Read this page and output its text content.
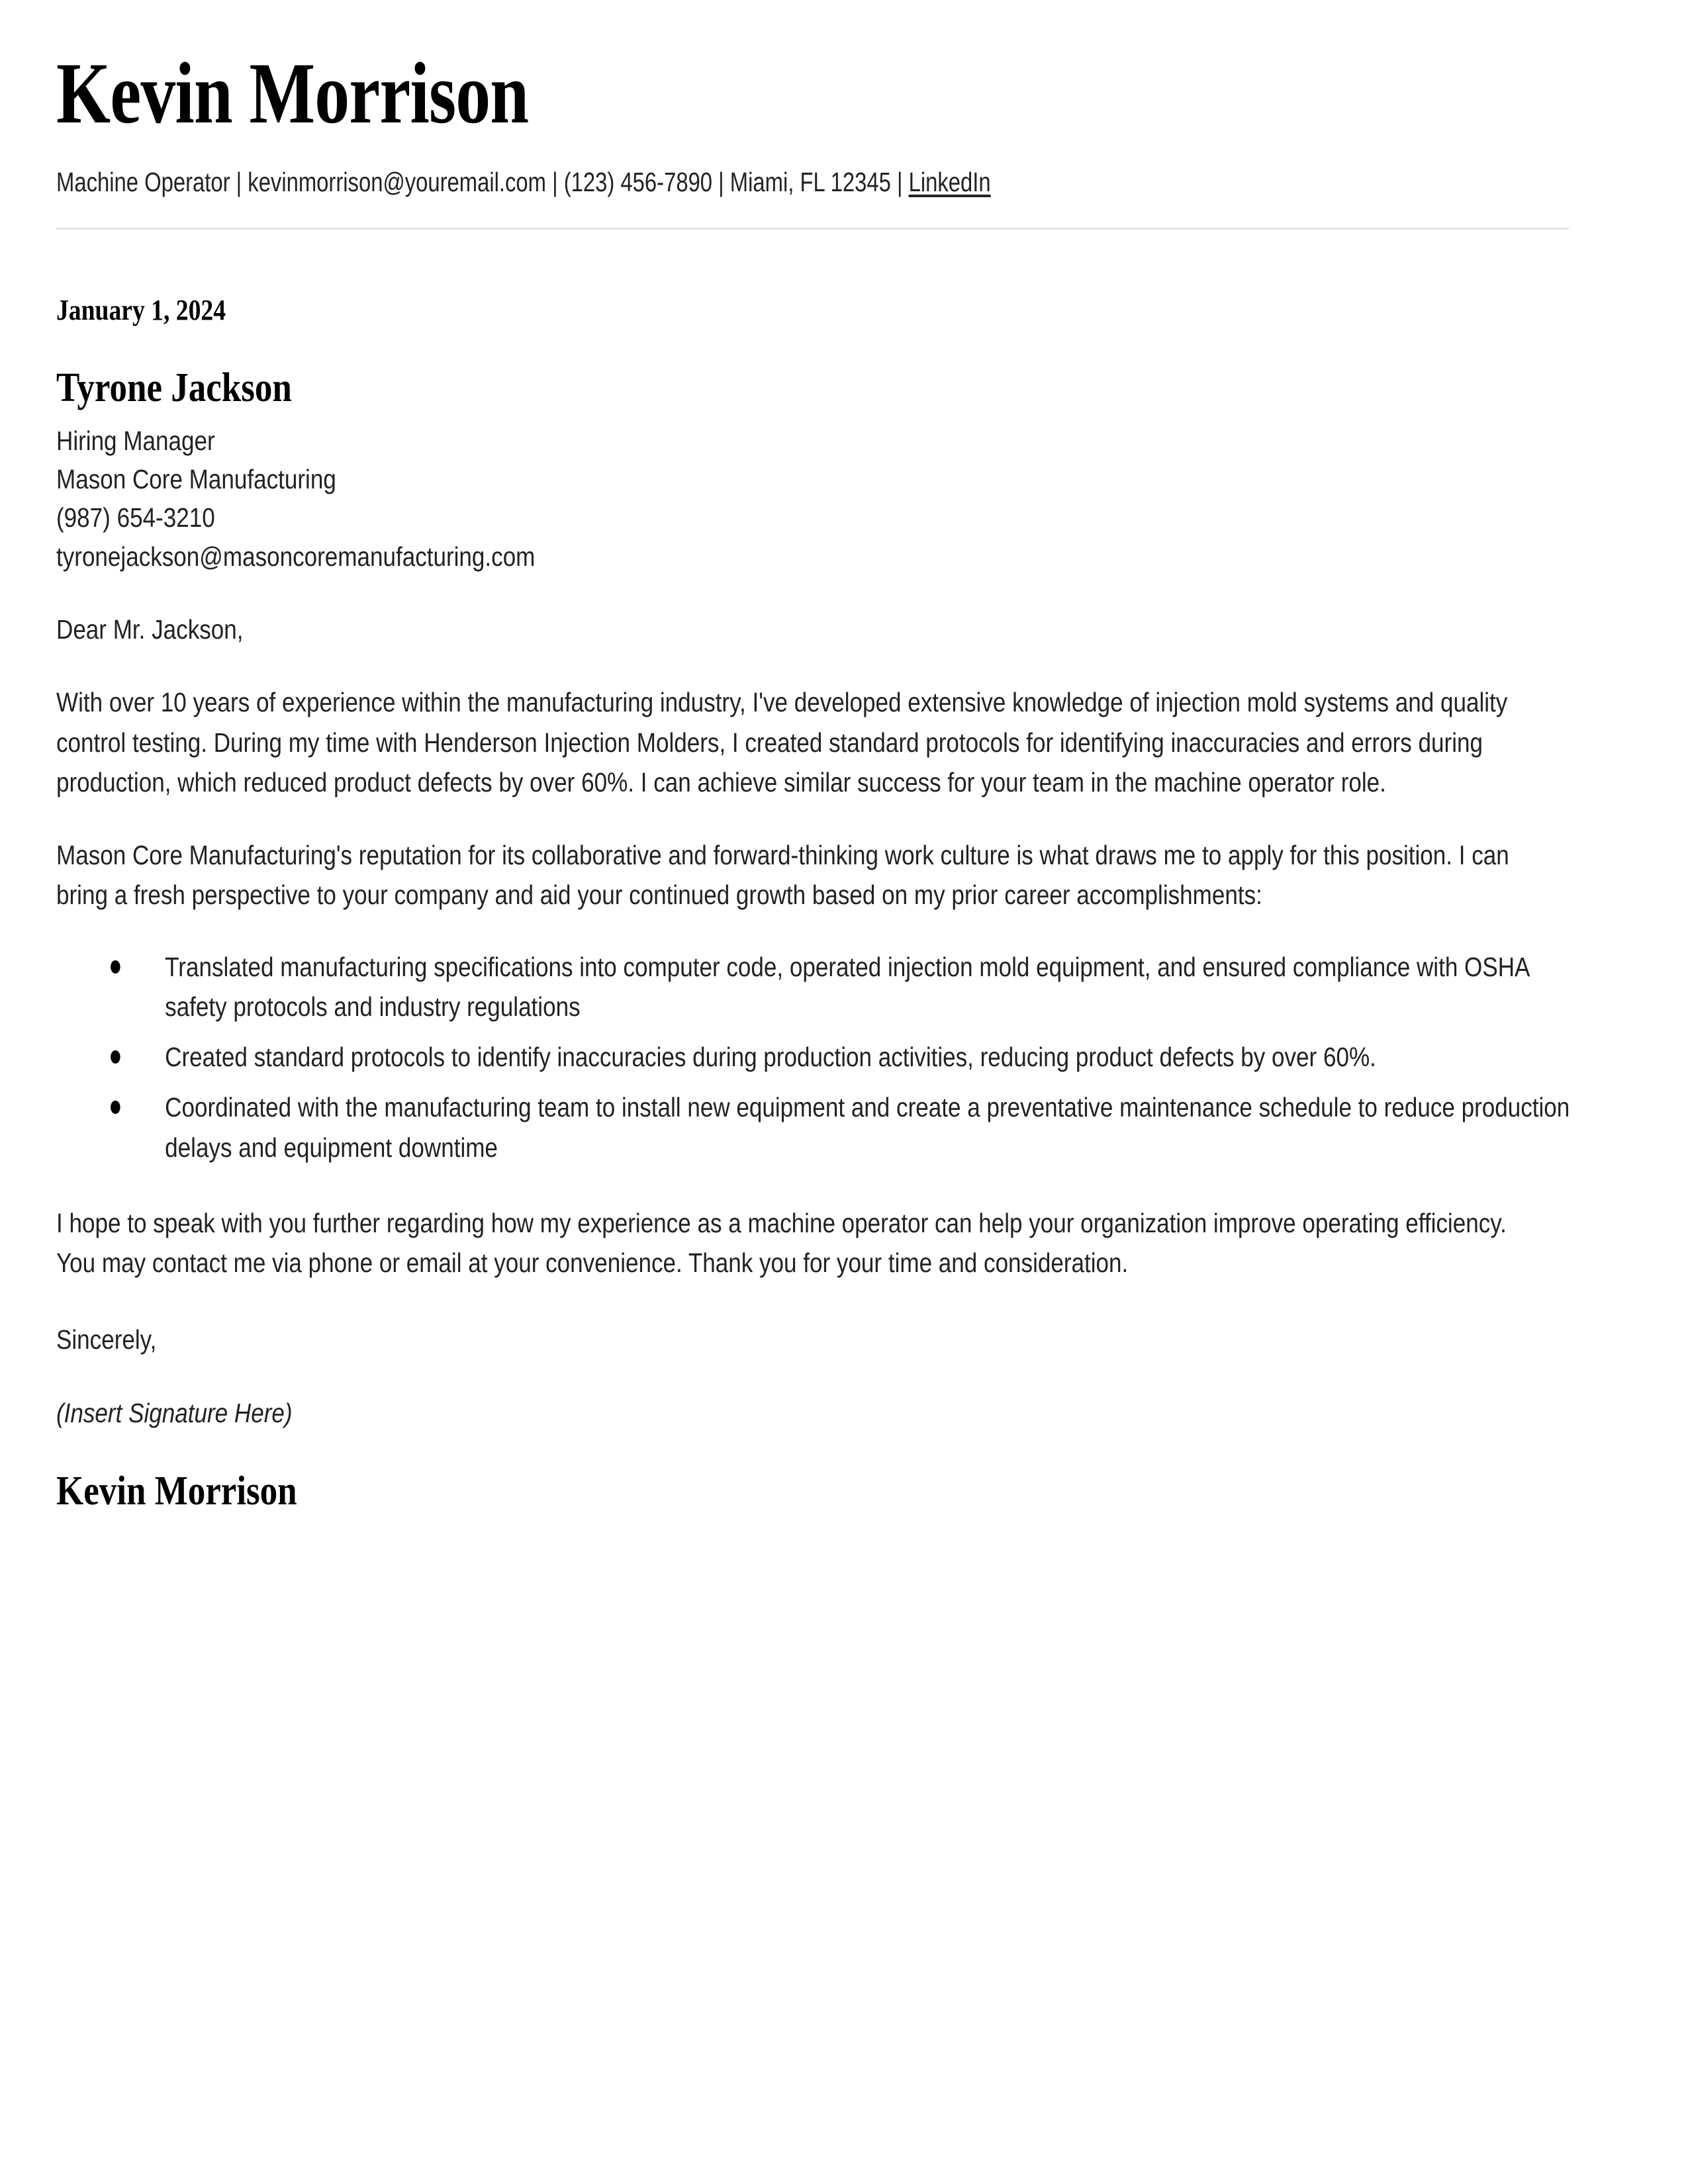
Kevin Morrison
Machine Operator | kevinmorrison@youremail.com | (123) 456-7890 | Miami, FL 12345 | LinkedIn
January 1, 2024
Tyrone Jackson
Hiring Manager
Mason Core Manufacturing
(987) 654-3210
tyronejackson@masoncoremanufacturing.com
Dear Mr. Jackson,
With over 10 years of experience within the manufacturing industry, I've developed extensive knowledge of injection mold systems and quality control testing. During my time with Henderson Injection Molders, I created standard protocols for identifying inaccuracies and errors during production, which reduced product defects by over 60%. I can achieve similar success for your team in the machine operator role.
Mason Core Manufacturing's reputation for its collaborative and forward-thinking work culture is what draws me to apply for this position. I can bring a fresh perspective to your company and aid your continued growth based on my prior career accomplishments:
Translated manufacturing specifications into computer code, operated injection mold equipment, and ensured compliance with OSHA safety protocols and industry regulations
Created standard protocols to identify inaccuracies during production activities, reducing product defects by over 60%.
Coordinated with the manufacturing team to install new equipment and create a preventative maintenance schedule to reduce production delays and equipment downtime
I hope to speak with you further regarding how my experience as a machine operator can help your organization improve operating efficiency. You may contact me via phone or email at your convenience. Thank you for your time and consideration.
Sincerely,
(Insert Signature Here)
Kevin Morrison
